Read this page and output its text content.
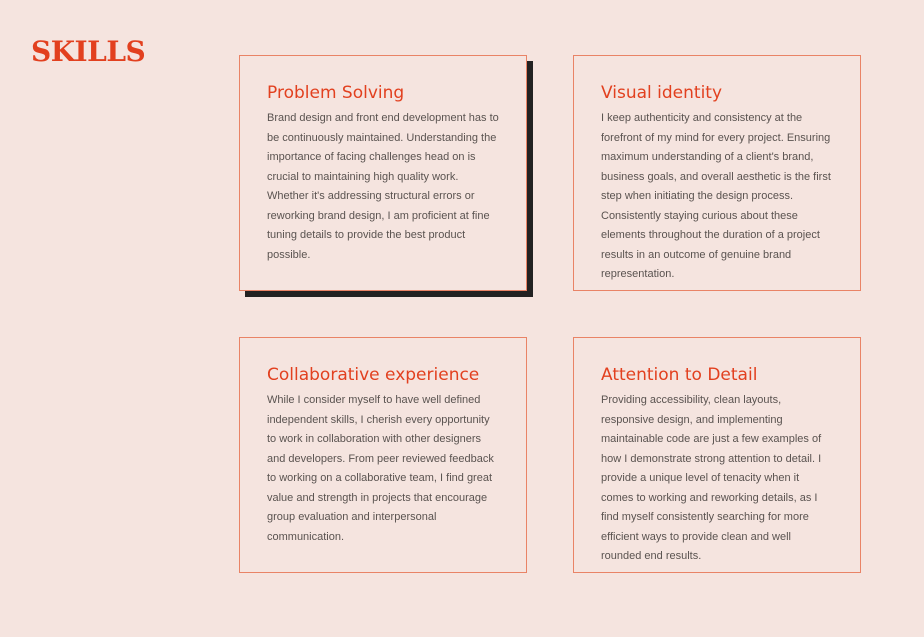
SKILLS
Problem Solving

Brand design and front end development has to be continuously maintained. Understanding the importance of facing challenges head on is crucial to maintaining high quality work. Whether it's addressing structural errors or reworking brand design, I am proficient at fine tuning details to provide the best product possible.

Visual identity

I keep authenticity and consistency at the forefront of my mind for every project. Ensuring maximum understanding of a client's brand, business goals, and overall aesthetic is the first step when initiating the design process. Consistently staying curious about these elements throughout the duration of a project results in an outcome of genuine brand representation.

Collaborative experience

While I consider myself to have well defined independent skills, I cherish every opportunity to work in collaboration with other designers and developers. From peer reviewed feedback to working on a collaborative team, I find great value and strength in projects that encourage group evaluation and interpersonal communication.

Attention to Detail

Providing accessibility, clean layouts, responsive design, and implementing maintainable code are just a few examples of how I demonstrate strong attention to detail. I provide a unique level of tenacity when it comes to working and reworking details, as I find myself consistently searching for more efficient ways to provide clean and well rounded end results.
